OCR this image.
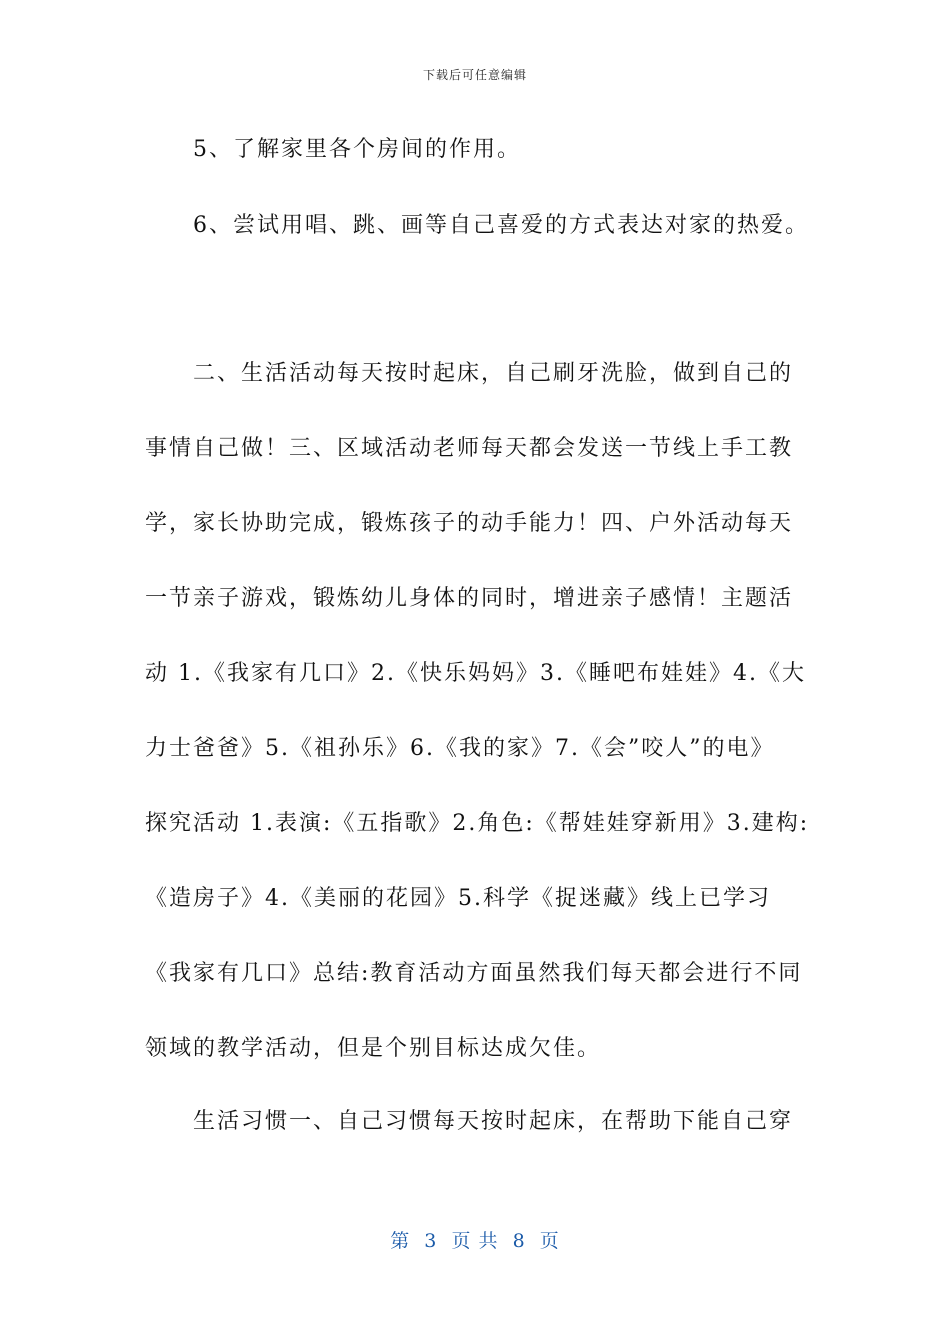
下载后可任意编辑
5、了解家里各个房间的作用。
6、尝试用唱、跳、画等自己喜爱的方式表达对家的热爱。
二、生活活动每天按时起床，自己刷牙洗脸，做到自己的
事情自己做！三、区域活动老师每天都会发送一节线上手工教
学，家长协助完成，锻炼孩子的动手能力！四、户外活动每天
一节亲子游戏，锻炼幼儿身体的同时，增进亲子感情！主题活
动 1.《我家有几口》2.《快乐妈妈》3.《睡吧布娃娃》4.《大
力士爸爸》5.《祖孙乐》6.《我的家》7.《会”咬人”的电》
探究活动 1.表演:《五指歌》2.角色:《帮娃娃穿新用》3.建构:
《造房子》4.《美丽的花园》5.科学《捉迷藏》线上已学习
《我家有几口》总结:教育活动方面虽然我们每天都会进行不同
领域的教学活动，但是个别目标达成欠佳。
生活习惯一、自己习惯每天按时起床，在帮助下能自己穿
第  3  页 共  8  页
